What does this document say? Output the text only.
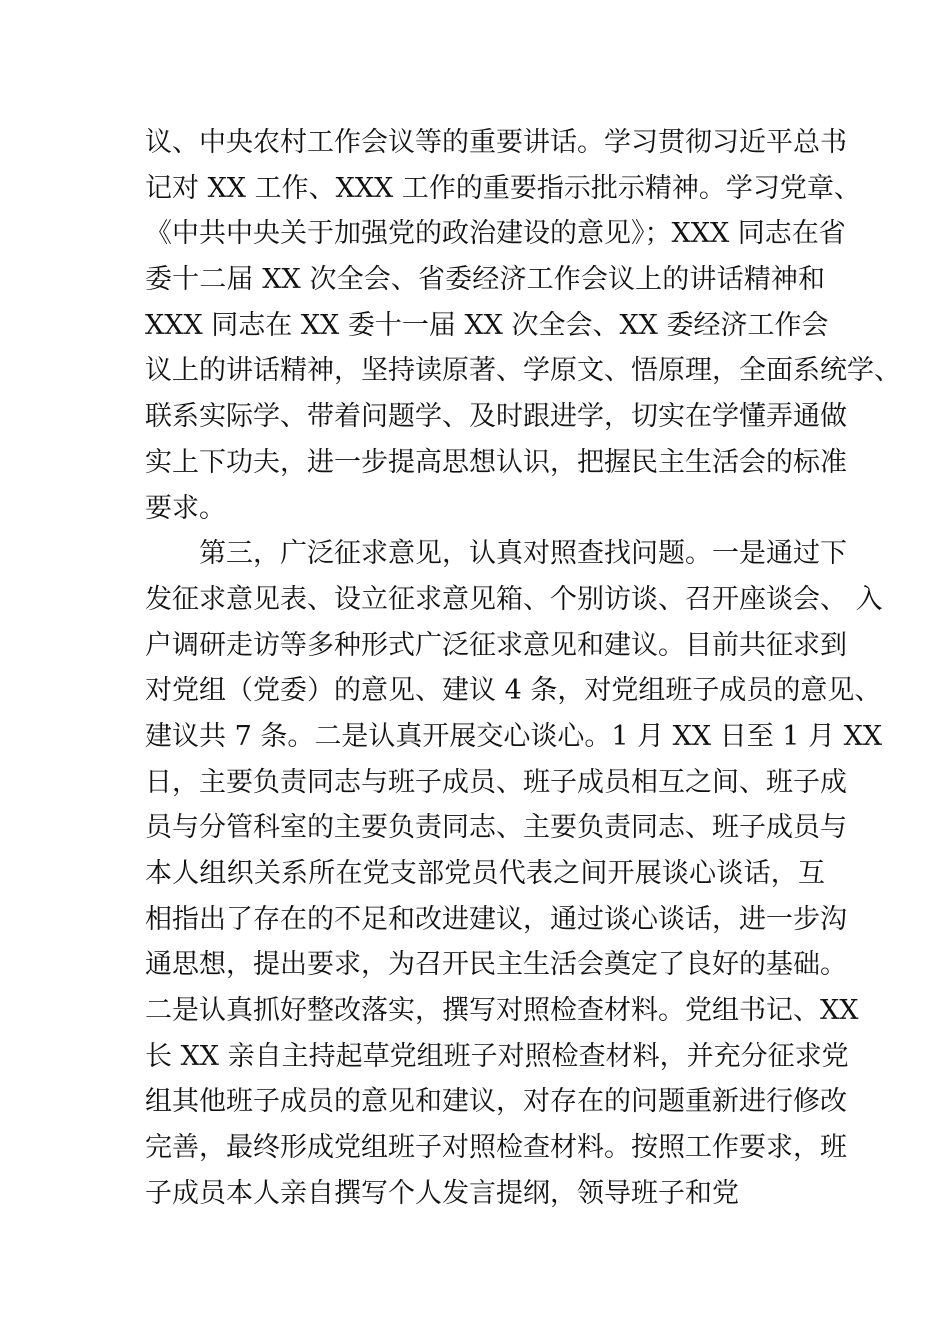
议、中央农村工作会议等的重要讲话。学习贯彻习近平总书
记对 XX 工作、XXX 工作的重要指示批示精神。学习党章、
《中共中央关于加强党的政治建设的意见》；XXX 同志在省
委十二届 XX 次全会、省委经济工作会议上的讲话精神和
XXX 同志在 XX 委十一届 XX 次全会、XX 委经济工作会
议上的讲话精神，坚持读原著、学原文、悟原理，全面系统学、
联系实际学、带着问题学、及时跟进学，切实在学懂弄通做
实上下功夫，进一步提高思想认识，把握民主生活会的标准
要求。
第三，广泛征求意见，认真对照查找问题。一是通过下
发征求意见表、设立征求意见箱、个别访谈、召开座谈会、 入
户调研走访等多种形式广泛征求意见和建议。目前共征求到
对党组（党委）的意见、建议 4 条，对党组班子成员的意见、
建议共 7 条。二是认真开展交心谈心。1 月 XX 日至 1 月 XX
日，主要负责同志与班子成员、班子成员相互之间、班子成
员与分管科室的主要负责同志、主要负责同志、班子成员与
本人组织关系所在党支部党员代表之间开展谈心谈话，互
相指出了存在的不足和改进建议，通过谈心谈话，进一步沟
通思想，提出要求，为召开民主生活会奠定了良好的基础。
二是认真抓好整改落实，撰写对照检查材料。党组书记、XX
长 XX 亲自主持起草党组班子对照检查材料，并充分征求党
组其他班子成员的意见和建议，对存在的问题重新进行修改
完善，最终形成党组班子对照检查材料。按照工作要求，班
子成员本人亲自撰写个人发言提纲，领导班子和党
